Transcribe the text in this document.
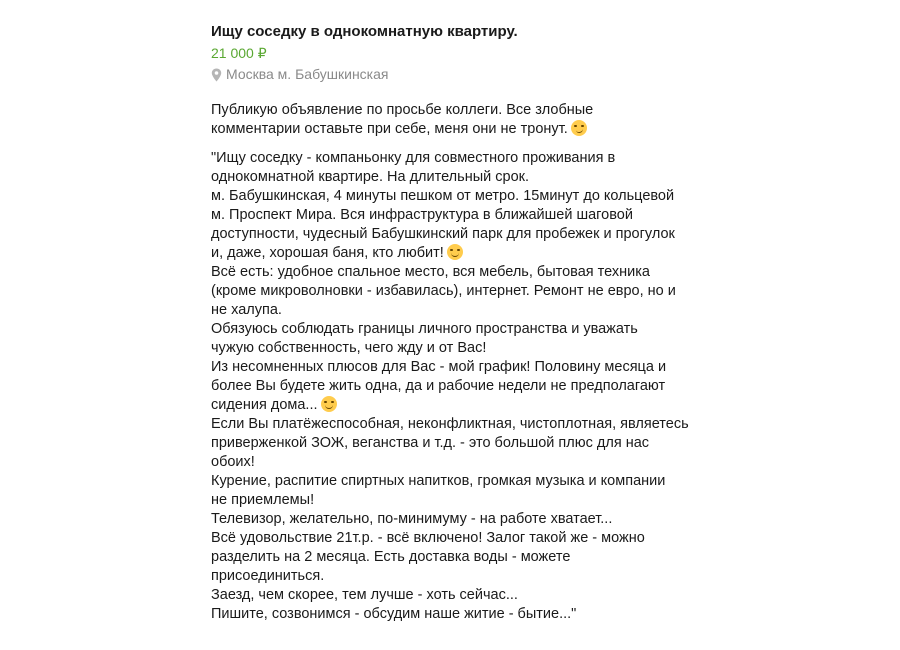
Ищу соседку в однокомнатную квартиру.
21 000 ₽
Москва м. Бабушкинская

Публикую объявление по просьбе коллеги. Все злобные
комментарии оставьте при себе, меня они не тронут.

"Ищу соседку - компаньонку для совместного проживания в
однокомнатной квартире. На длительный срок.
м. Бабушкинская, 4 минуты пешком от метро. 15минут до кольцевой
м. Проспект Мира. Вся инфраструктура в ближайшей шаговой
доступности, чудесный Бабушкинский парк для пробежек и прогулок
и, даже, хорошая баня, кто любит!

Всё есть: удобное спальное место, вся мебель, бытовая техника
(кроме микроволновки - избавилась), интернет. Ремонт не евро, но и
не халупа.
Обязуюсь соблюдать границы личного пространства и уважать
чужую собственность, чего жду и от Вас!
Из несомненных плюсов для Вас - мой график! Половину месяца и
более Вы будете жить одна, да и рабочие недели не предполагают
сидения дома...

Если Вы платёжеспособная, неконфликтная, чистоплотная, являетесь
приверженкой ЗОЖ, веганства и т.д. - это большой плюс для нас
обоих!
Курение, распитие спиртных напитков, громкая музыка и компании
не приемлемы!
Телевизор, желательно, по-минимуму - на работе хватает...
Всё удовольствие 21т.р. - всё включено! Залог такой же - можно
разделить на 2 месяца. Есть доставка воды - можете
присоединиться.
Заезд, чем скорее, тем лучше - хоть сейчас...
Пишите, созвонимся - обсудим наше житие - бытие..."
